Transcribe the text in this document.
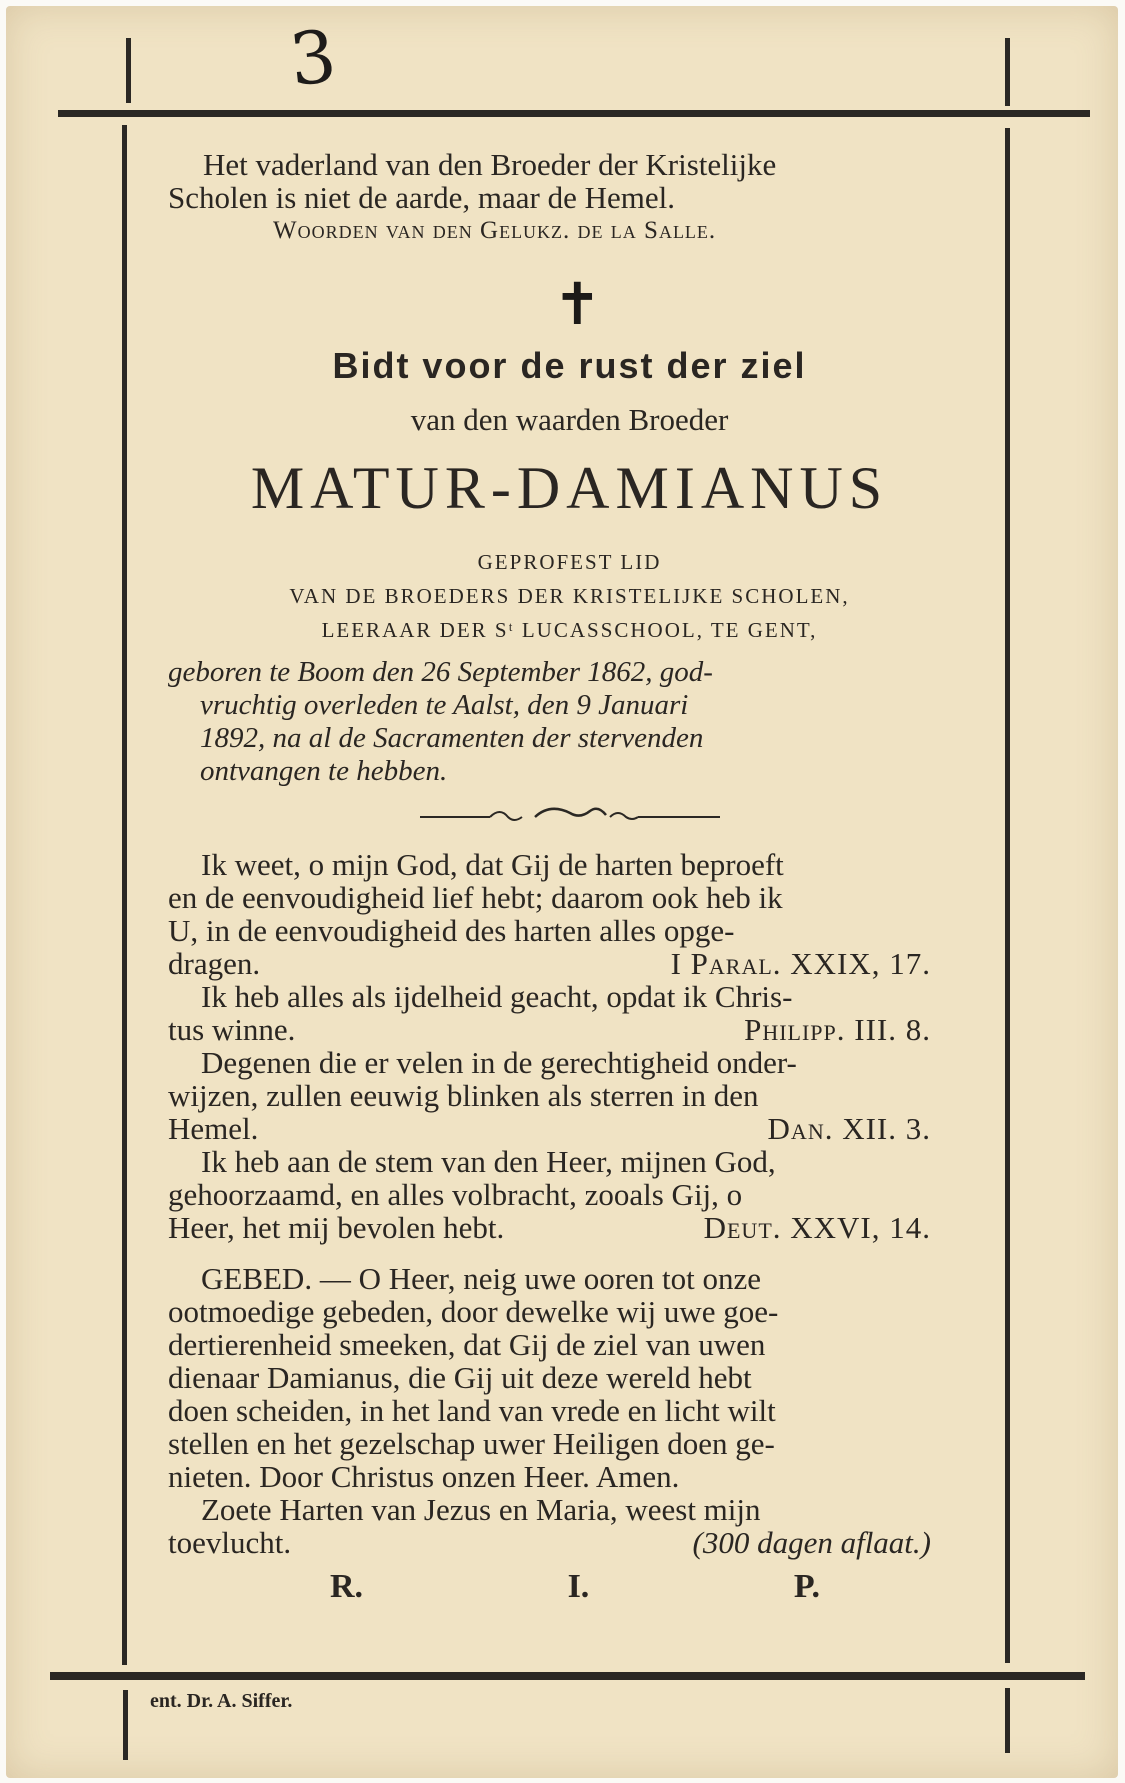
3
Het vaderland van den Broeder der Kristelijke
Scholen is niet de aarde, maar de Hemel.
Woorden van den Gelukz. de la Salle.
✝
Bidt voor de rust der ziel
van den waarden Broeder
MATUR-DAMIANUS
GEPROFEST LID
VAN DE BROEDERS DER KRISTELIJKE SCHOLEN,
LEERAAR DER Sᵗ LUCASSCHOOL, TE GENT,
geboren te Boom den 26 September 1862, god-
vruchtig overleden te Aalst, den 9 Januari
1892, na al de Sacramenten der stervenden
ontvangen te hebben.
Ik weet, o mijn God, dat Gij de harten beproeft
en de eenvoudigheid lief hebt; daarom ook heb ik
U, in de eenvoudigheid des harten alles opge-
dragen.	I Paral. XXIX, 17.
Ik heb alles als ijdelheid geacht, opdat ik Chris-
tus winne.	Philipp. III. 8.
Degenen die er velen in de gerechtigheid onder-
wijzen, zullen eeuwig blinken als sterren in den
Hemel.	Dan. XII. 3.
Ik heb aan de stem van den Heer, mijnen God,
gehoorzaamd, en alles volbracht, zooals Gij, o
Heer, het mij bevolen hebt.	Deut. XXVI, 14.
GEBED. — O Heer, neig uwe ooren tot onze
ootmoedige gebeden, door dewelke wij uwe goe-
dertierenheid smeeken, dat Gij de ziel van uwen
dienaar Damianus, die Gij uit deze wereld hebt
doen scheiden, in het land van vrede en licht wilt
stellen en het gezelschap uwer Heiligen doen ge-
nieten. Door Christus onzen Heer. Amen.
Zoete Harten van Jezus en Maria, weest mijn
toevlucht.	(300 dagen aflaat.)
R.	I.	P.
ent. Dr. A. Siffer.
